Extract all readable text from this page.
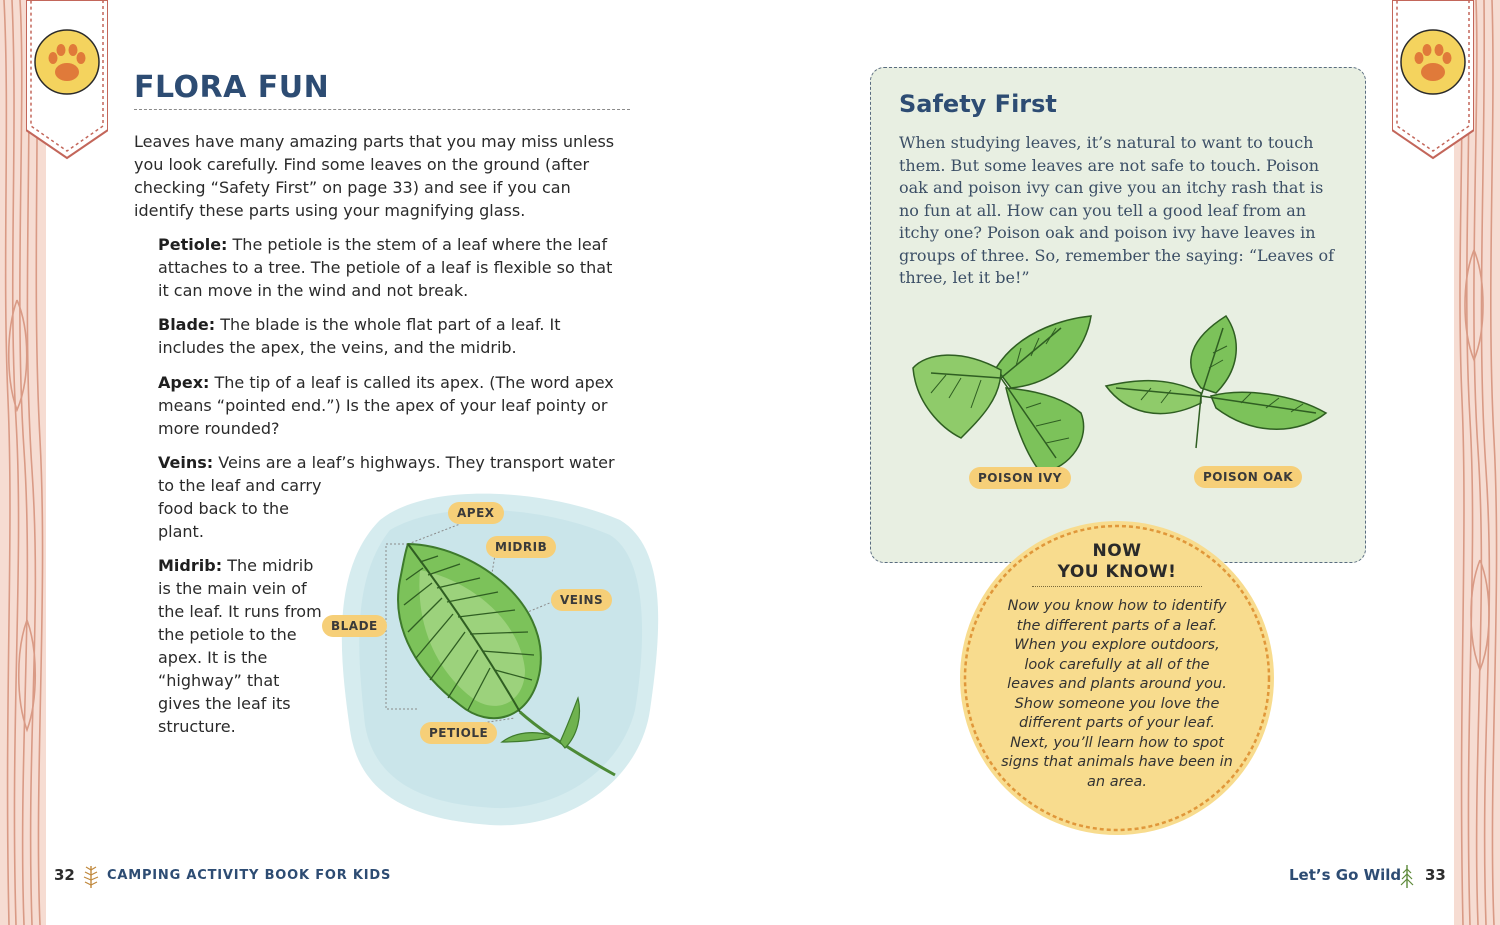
FLORA FUN

Leaves have many amazing parts that you may miss unless you look carefully. Find some leaves on the ground (after checking “Safety First” on page 33) and see if you can identify these parts using your magnifying glass.

Petiole: The petiole is the stem of a leaf where the leaf attaches to a tree. The petiole of a leaf is flexible so that it can move in the wind and not break.

Blade: The blade is the whole flat part of a leaf. It includes the apex, the veins, and the midrib.

Apex: The tip of a leaf is called its apex. (The word apex means “pointed end.”) Is the apex of your leaf pointy or more rounded?

Veins: Veins are a leaf’s highways. They transport water

to the leaf and carry food back to the plant.

Midrib: The midrib is the main vein of the leaf. It runs from the petiole to the apex. It is the “highway” that gives the leaf its structure.

APEX
MIDRIB
VEINS
BLADE
PETIOLE
32 CAMPING ACTIVITY BOOK FOR KIDS
Safety First

When studying leaves, it’s natural to want to touch them. But some leaves are not safe to touch. Poison oak and poison ivy can give you an itchy rash that is no fun at all. How can you tell a good leaf from an itchy one? Poison oak and poison ivy have leaves in groups of three. So, remember the saying: “Leaves of three, let it be!”

POISON IVY	POISON OAK
NOW
YOU KNOW!

Now you know how to identify the different parts of a leaf. When you explore outdoors, look carefully at all of the leaves and plants around you. Show someone you love the different parts of your leaf. Next, you’ll learn how to spot signs that animals have been in an area.

Let’s Go Wild 33
